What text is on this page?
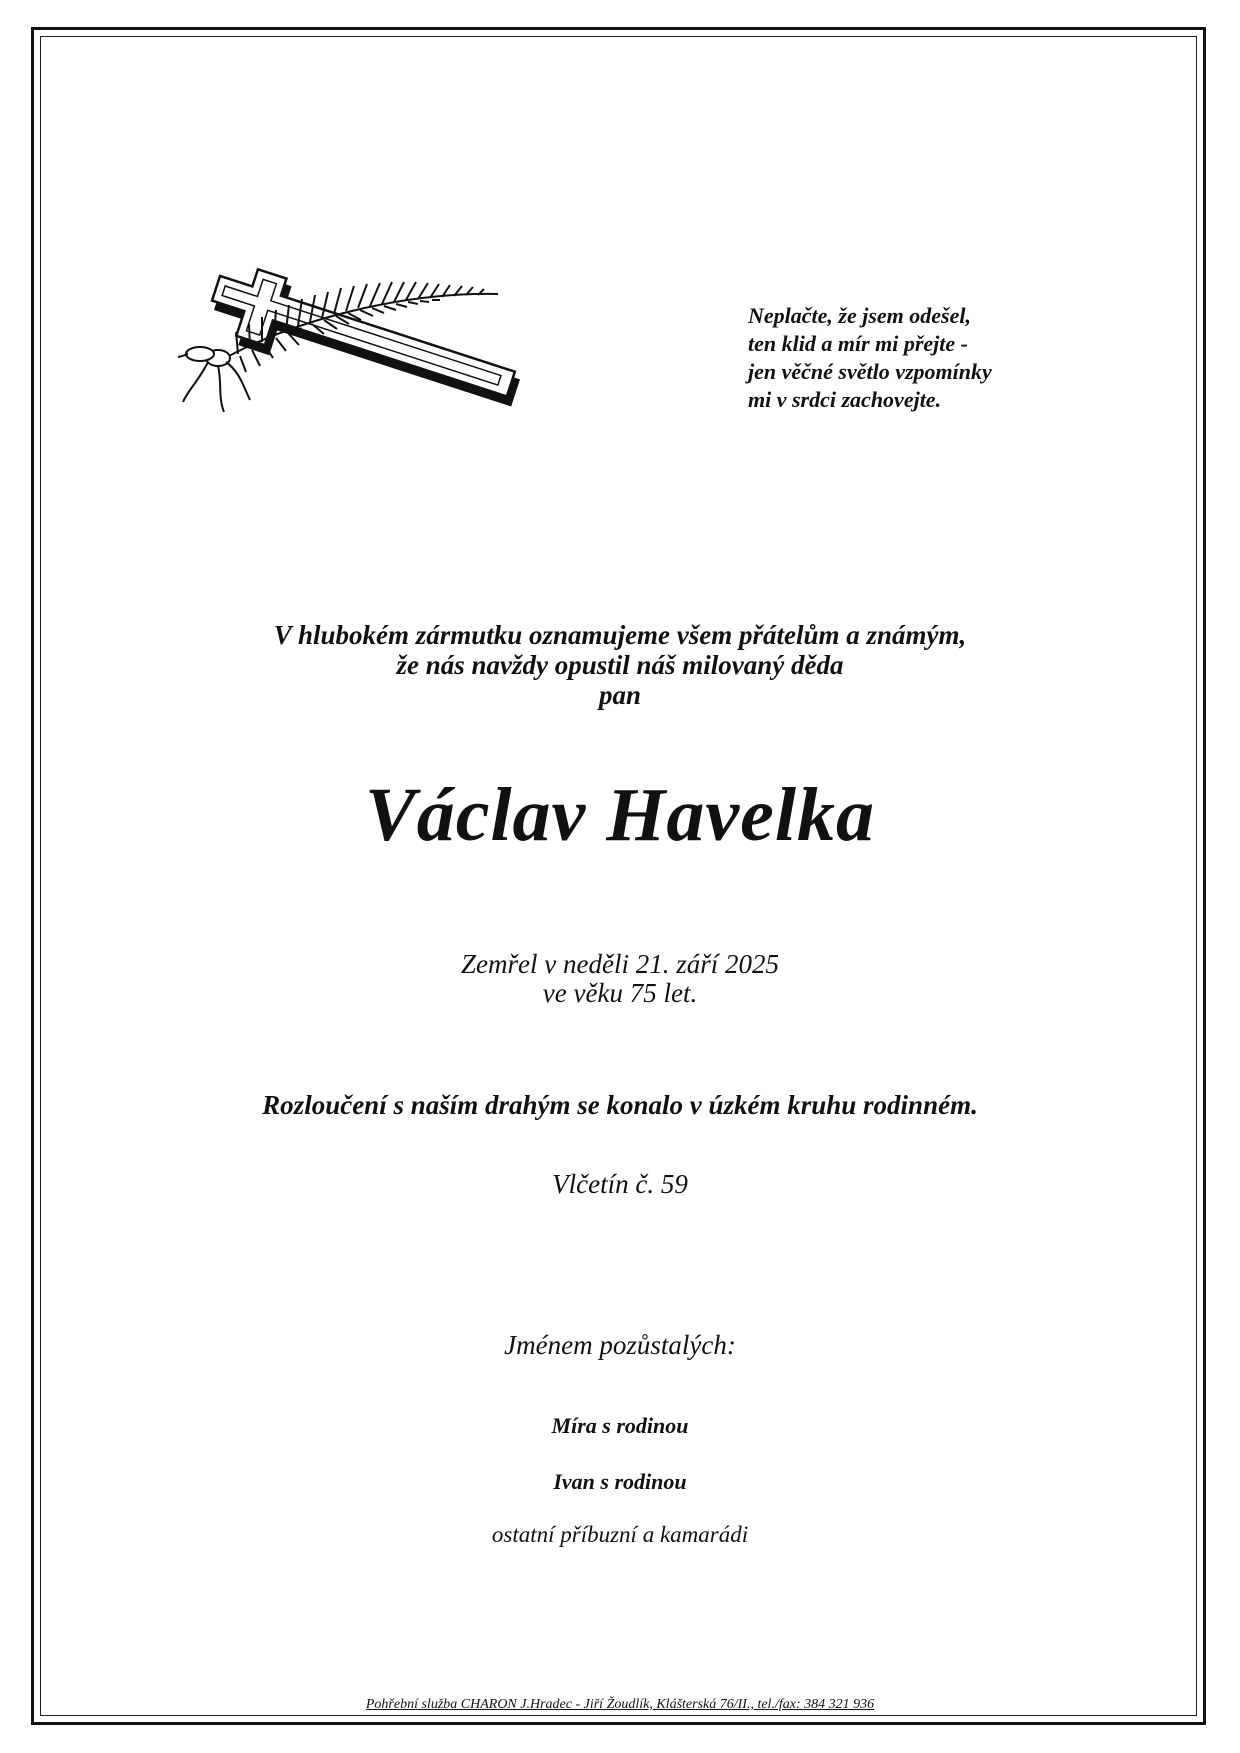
Neplačte, že jsem odešel,
ten klid a mír mi přejte -
jen věčné světlo vzpomínky
mi v srdci zachovejte.
V hlubokém zármutku oznamujeme všem přátelům a známým,
že nás navždy opustil náš milovaný děda
pan
Václav Havelka
Zemřel v neděli 21. září 2025
ve věku 75 let.
Rozloučení s naším drahým se konalo v úzkém kruhu rodinném.
Vlčetín č. 59
Jménem pozůstalých:
Míra s rodinou
Ivan s rodinou
ostatní příbuzní a kamarádi
Pohřební služba CHARON J.Hradec - Jiří Žoudlík, Klášterská 76/II., tel./fax: 384 321 936
